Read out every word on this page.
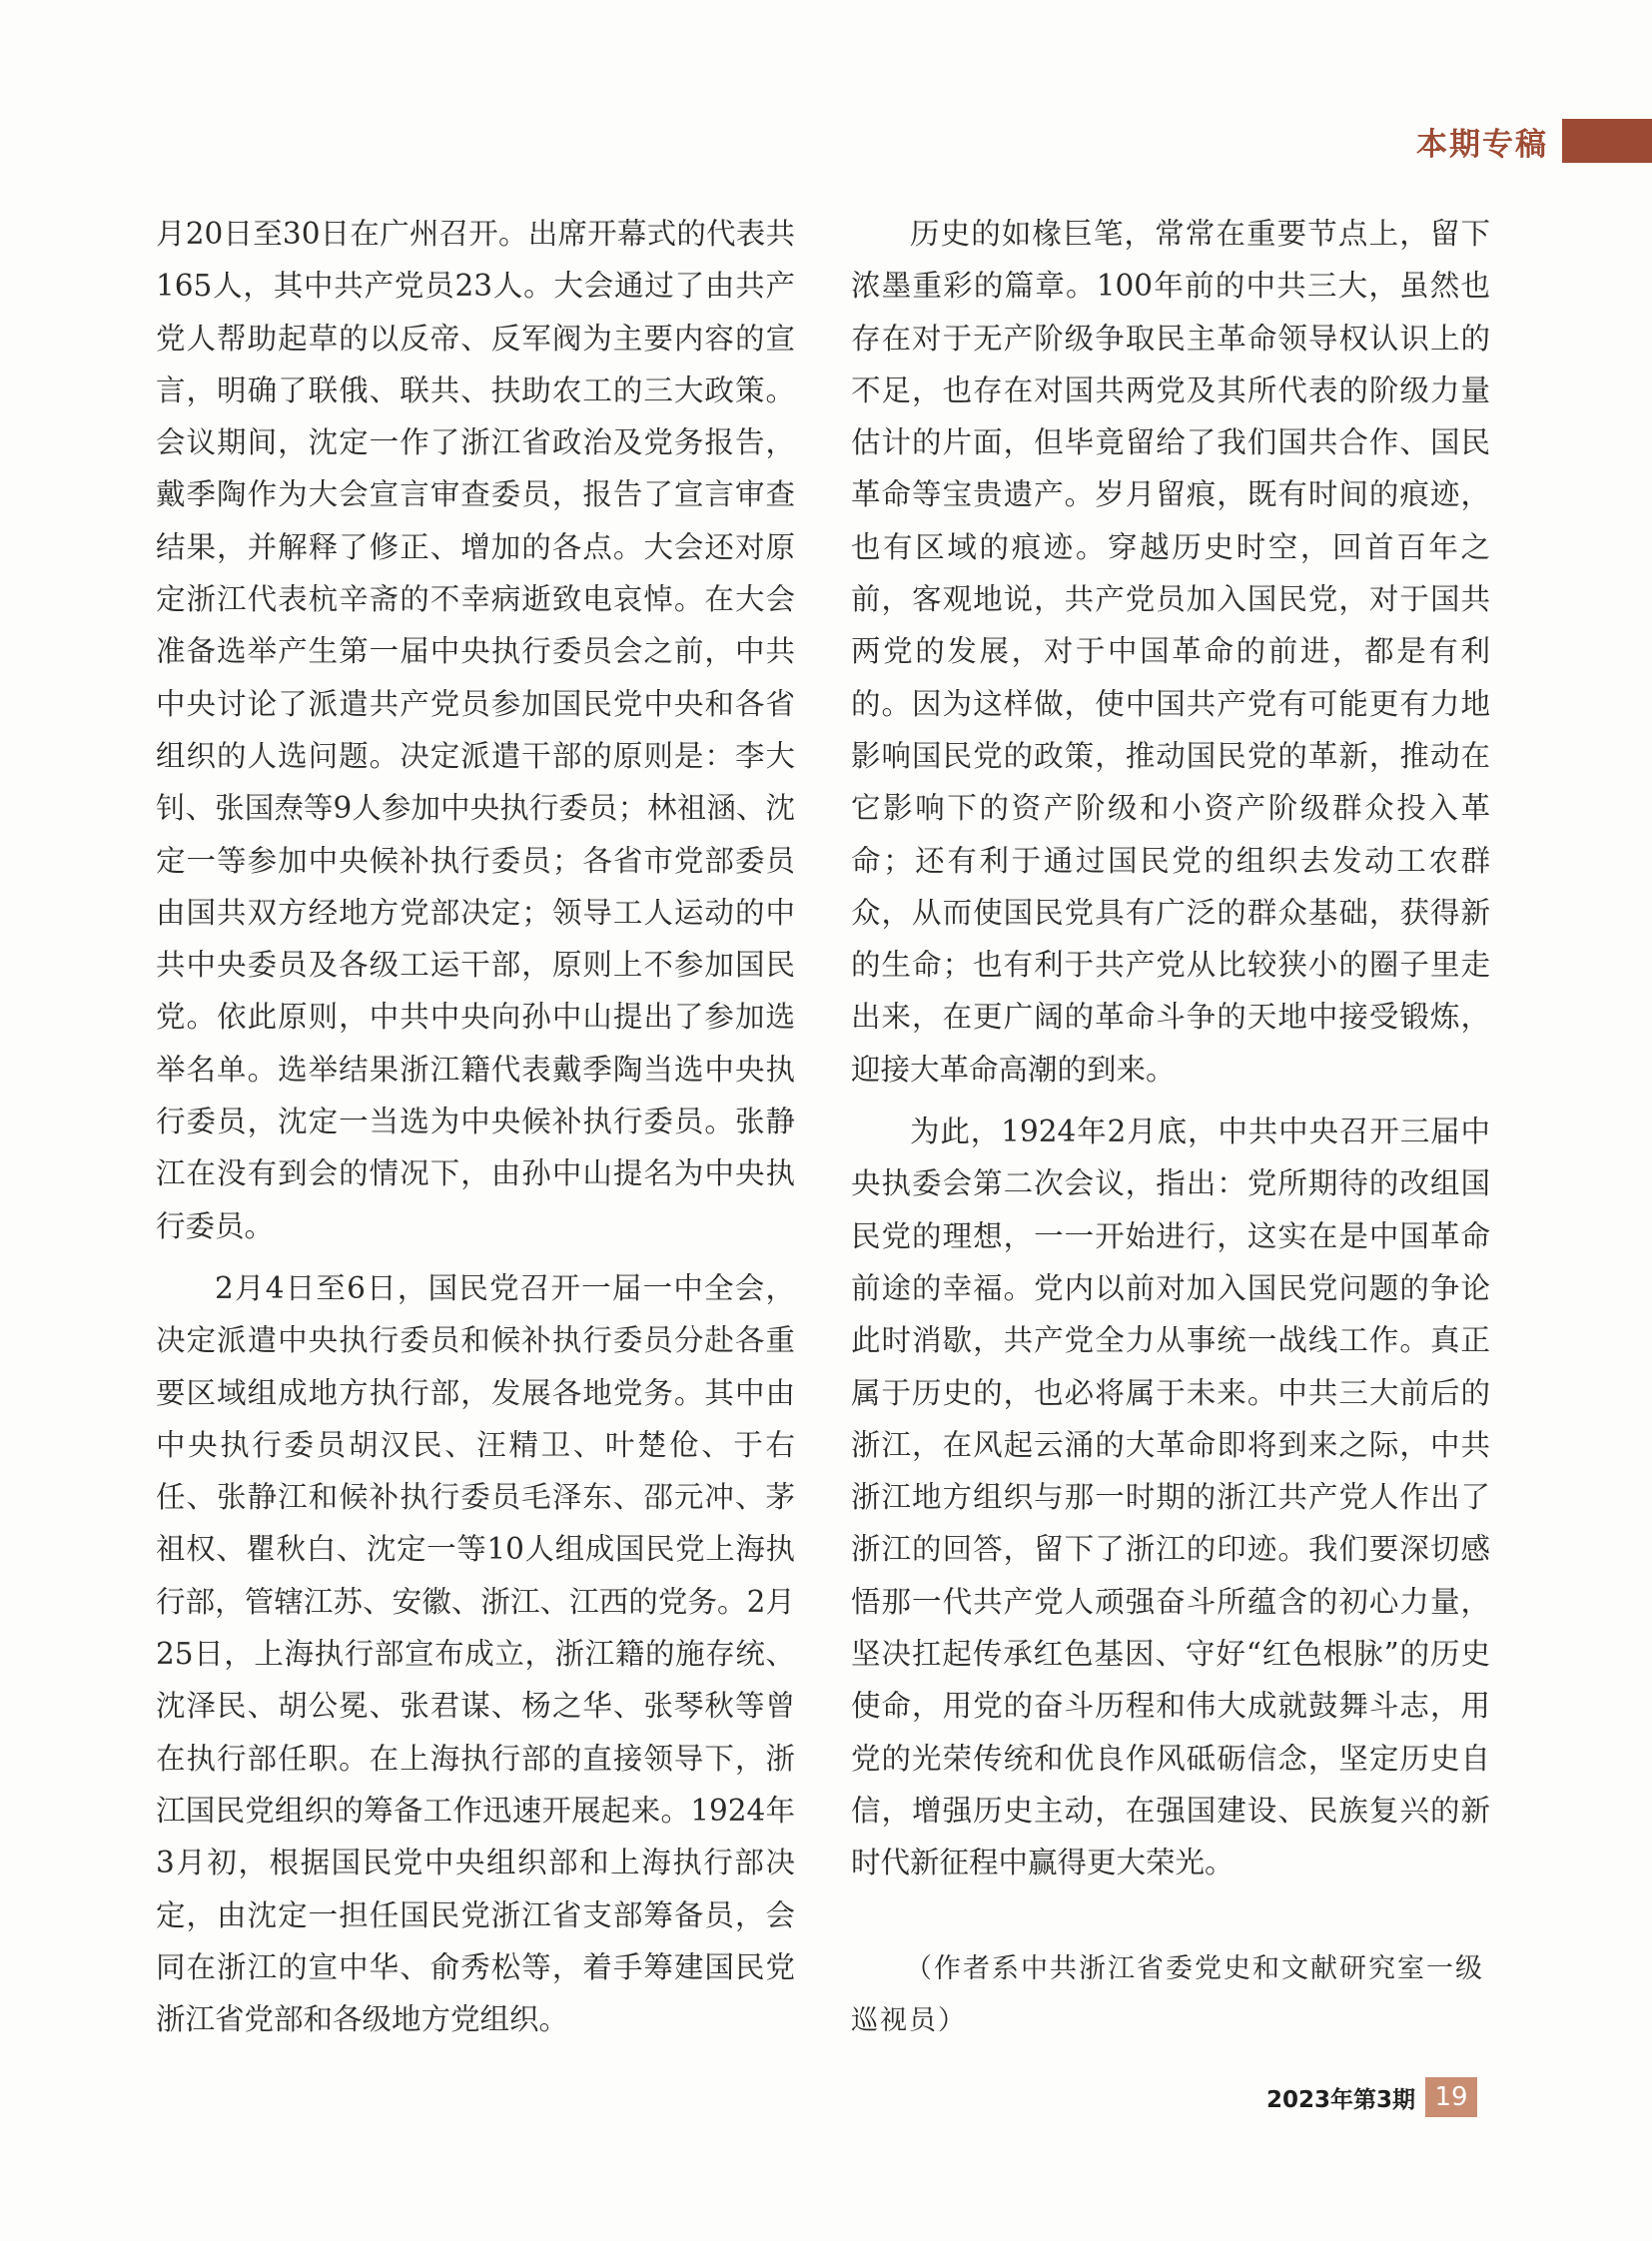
本期专稿

月20日至30日在广州召开。出席开幕式的代表共165人，其中共产党员23人。大会通过了由共产党人帮助起草的以反帝、反军阀为主要内容的宣言，明确了联俄、联共、扶助农工的三大政策。会议期间，沈定一作了浙江省政治及党务报告，戴季陶作为大会宣言审查委员，报告了宣言审查结果，并解释了修正、增加的各点。大会还对原定浙江代表杭辛斋的不幸病逝致电哀悼。在大会准备选举产生第一届中央执行委员会之前，中共中央讨论了派遣共产党员参加国民党中央和各省组织的人选问题。决定派遣干部的原则是：李大钊、张国焘等9人参加中央执行委员；林祖涵、沈定一等参加中央候补执行委员；各省市党部委员由国共双方经地方党部决定；领导工人运动的中共中央委员及各级工运干部，原则上不参加国民党。依此原则，中共中央向孙中山提出了参加选举名单。选举结果浙江籍代表戴季陶当选中央执行委员，沈定一当选为中央候补执行委员。张静江在没有到会的情况下，由孙中山提名为中央执行委员。

2月4日至6日，国民党召开一届一中全会，决定派遣中央执行委员和候补执行委员分赴各重要区域组成地方执行部，发展各地党务。其中由中央执行委员胡汉民、汪精卫、叶楚伧、于右任、张静江和候补执行委员毛泽东、邵元冲、茅祖权、瞿秋白、沈定一等10人组成国民党上海执行部，管辖江苏、安徽、浙江、江西的党务。2月25日，上海执行部宣布成立，浙江籍的施存统、沈泽民、胡公冕、张君谋、杨之华、张琴秋等曾在执行部任职。在上海执行部的直接领导下，浙江国民党组织的筹备工作迅速开展起来。1924年3月初，根据国民党中央组织部和上海执行部决定，由沈定一担任国民党浙江省支部筹备员，会同在浙江的宣中华、俞秀松等，着手筹建国民党浙江省党部和各级地方党组织。

历史的如椽巨笔，常常在重要节点上，留下浓墨重彩的篇章。100年前的中共三大，虽然也存在对于无产阶级争取民主革命领导权认识上的不足，也存在对国共两党及其所代表的阶级力量估计的片面，但毕竟留给了我们国共合作、国民革命等宝贵遗产。岁月留痕，既有时间的痕迹，也有区域的痕迹。穿越历史时空，回首百年之前，客观地说，共产党员加入国民党，对于国共两党的发展，对于中国革命的前进，都是有利的。因为这样做，使中国共产党有可能更有力地影响国民党的政策，推动国民党的革新，推动在它影响下的资产阶级和小资产阶级群众投入革命；还有利于通过国民党的组织去发动工农群众，从而使国民党具有广泛的群众基础，获得新的生命；也有利于共产党从比较狭小的圈子里走出来，在更广阔的革命斗争的天地中接受锻炼，迎接大革命高潮的到来。

为此，1924年2月底，中共中央召开三届中央执委会第二次会议，指出：党所期待的改组国民党的理想，一一开始进行，这实在是中国革命前途的幸福。党内以前对加入国民党问题的争论此时消歇，共产党全力从事统一战线工作。真正属于历史的，也必将属于未来。中共三大前后的浙江，在风起云涌的大革命即将到来之际，中共浙江地方组织与那一时期的浙江共产党人作出了浙江的回答，留下了浙江的印迹。我们要深切感悟那一代共产党人顽强奋斗所蕴含的初心力量，坚决扛起传承红色基因、守好“红色根脉”的历史使命，用党的奋斗历程和伟大成就鼓舞斗志，用党的光荣传统和优良作风砥砺信念，坚定历史自信，增强历史主动，在强国建设、民族复兴的新时代新征程中赢得更大荣光。

（作者系中共浙江省委党史和文献研究室一级巡视员）
2023年第3期 19
